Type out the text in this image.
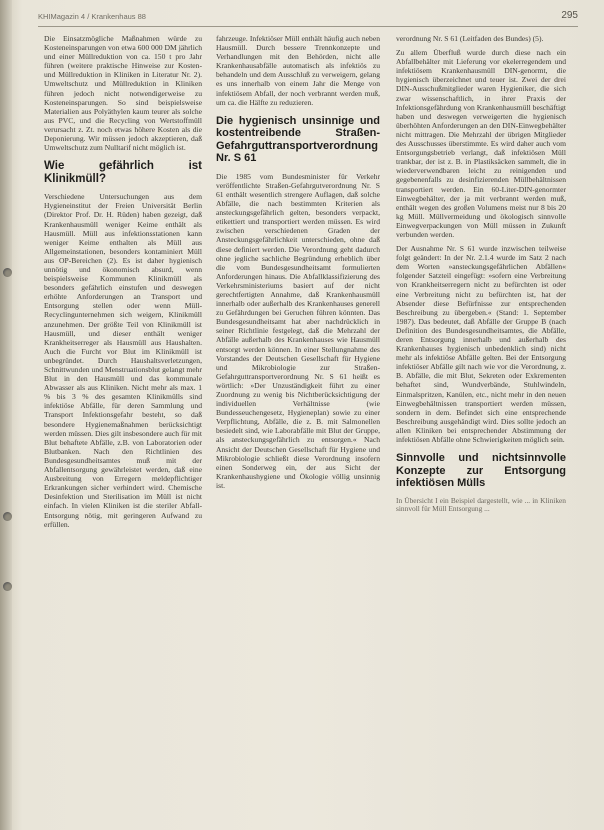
KHIMagazin 4 / Krankenhaus 88	295

Die Einsatzmögliche Maßnahmen würde zu Kosteneinsparungen von etwa 600 000 DM jährlich und einer Müllreduktion von ca. 150 t pro Jahr führen (weitere praktische Hinweise zur Kosten- und Müllreduktion in Kliniken in Literatur Nr. 2). Umweltschutz und Müllreduktion in Kliniken führen jedoch nicht notwendigerweise zu Kosteneinsparungen. So sind beispielsweise Materialien aus Polyäthylen kaum teurer als solche aus PVC, und die Recycling von Wertstoffmüll verursacht z. Zt. noch etwas höhere Kosten als die Deponierung. Wir müssen jedoch akzeptieren, daß Umweltschutz zum Nulltarif nicht möglich ist.

Wie gefährlich ist Klinikmüll?

Verschiedene Untersuchungen aus dem Hygieneinstitut der Freien Universität Berlin (Direktor Prof. Dr. H. Rüden) haben gezeigt, daß Krankenhausmüll weniger Keime enthält als Hausmüll. Müll aus infektionsstationen kann weniger Keime enthalten als Müll aus Allgemeinstationen, besonders kontaminiert Müll aus OP-Bereichen (2). Es ist daher hygienisch unnötig und ökonomisch absurd, wenn beispielsweise Kommunen Klinikmüll als besonders gefährlich einstufen und deswegen erhöhte Anforderungen an Transport und Entsorgung stellen oder wenn Müll-Recyclingunternehmen sich weigern, Klinikmüll anzunehmen. Der größte Teil von Klinikmüll ist Hausmüll, und dieser enthält weniger Krankheitserreger als Hausmüll aus Haushalten. Auch die Furcht vor Blut im Klinikmüll ist unbegründet. Durch Haushaltsverletzungen, Schnittwunden und Menstruationsblut gelangt mehr Blut in den Hausmüll und das kommunale Abwasser als aus Kliniken. Nicht mehr als max. 1 % bis 3 % des gesamten Klinikmülls sind infektiöse Abfälle, für deren Sammlung und Transport Infektionsgefahr besteht, so daß besondere Hygienemaßnahmen berücksichtigt werden müssen. Dies gilt insbesondere auch für mit Blut behaftete Abfälle, z.B. von Laboratorien oder Blutbanken. Nach den Richtlinien des Bundesgesundheitsamtes muß mit der Abfallentsorgung gewährleistet werden, daß eine Ausbreitung von Erregern meldepflichtiger Erkrankungen sicher verhindert wird. Chemische Desinfektion und Sterilisation im Müll ist nicht einfach. In vielen Kliniken ist die steriler Abfall-Entsorgung nötig, mit geringeren Aufwand zu erfüllen.

fahrzeuge. Infektiöser Müll enthält häufig auch neben Hausmüll. Durch bessere Trennkonzepte und Verhandlungen mit den Behörden, nicht alle Krankenhausabfälle automatisch als infektiös zu behandeln und dem Ausschluß zu verweigern, gelang es uns innerhalb von einem Jahr die Menge von infektiösem Abfall, der noch verbrannt werden muß, um ca. die Hälfte zu reduzieren.

Die hygienisch unsinnige und kostentreibende Straßen-Gefahrguttransportverordnung Nr. S 61

Die 1985 vom Bundesminister für Verkehr veröffentlichte Straßen-Gefahrgutverordnung Nr. S 61 enthält wesentlich strengere Auflagen, daß solche Abfälle, die nach bestimmten Kriterien als ansteckungsgefährlich gelten, besonders verpackt, etikettiert und transportiert werden müssen. Es wird zwischen verschiedenen Graden der Ansteckungsgefährlichkeit unterschieden, ohne daß diese definiert werden. Die Verordnung geht dadurch ohne jegliche sachliche Begründung erheblich über die vom Bundesgesundheitsamt formulierten Anforderungen hinaus. Die Abfallklassifizierung des Verkehrsministeriums basiert auf der nicht gerechtfertigten Annahme, daß Krankenhausmüll innerhalb oder außerhalb des Krankenhauses generell zu Gefährdungen bei Geruchen führen könnten. Das Bundesgesundheitsamt hat aber nachdrücklich in seiner Richtlinie festgelegt, daß die Mehrzahl der Abfälle außerhalb des Krankenhauses wie Hausmüll entsorgt werden können. In einer Stellungnahme des Vorstandes der Deutschen Gesellschaft für Hygiene und Mikrobiologie zur Straßen-Gefahrguttransportverordnung Nr. S 61 heißt es wörtlich: »Der Unzuständigkeit führt zu einer Zuordnung zu wenig bis Nichtberücksichtigung der individuellen Verhältnisse (wie Bundesseuchengesetz, Hygieneplan) sowie zu einer Verpflichtung, Abfälle, die z. B. mit Salmonellen besiedelt sind, wie Laborabfälle mit Blut der Gruppe, als ansteckungsgefährlich zu entsorgen.« Nach Ansicht der Deutschen Gesellschaft für Hygiene und Mikrobiologie schließt diese Verordnung insofern einen Sonderweg ein, der aus Sicht der Krankenhaushygiene und Ökologie völlig unsinnig ist.

verordnung Nr. S 61 (Leitfaden des Bundes) (5).

Zu allem Überfluß wurde durch diese nach ein Abfallbehälter mit Lieferung vor ekelerregendem und infektiösem Krankenhausmüll DIN-genormt, die hygienisch überzeichnet und teuer ist. Zwei der drei DIN-Ausschußmitglieder waren Hygieniker, die sich zwar wissenschaftlich, in ihrer Praxis der Infektionsgefährdung von Krankenhausmüll beschäftigt haben und deswegen verweigerten die hygienisch überhöhten Anforderungen an den DIN-Einwegbehälter nicht mittragen. Die Mehrzahl der übrigen Mitglieder des Ausschusses überstimmte. Es wird daher auch vom Entsorgungsbetrieb verlangt, daß infektiösen Müll trankbar, der ist z. B. in Plastiksäcken sammelt, die in wiederverwendbaren leicht zu reinigenden und gegebenenfalls zu desinfizierenden Müllbehältnissen transportiert werden. Ein 60-Liter-DIN-genormter Einwegbehälter, der ja mit verbrannt werden muß, enthält wegen des großen Volumens meist nur 8 bis 20 kg Müll. Müllvermeidung und ökologisch sinnvolle Einwegverpackungen von Müll müssen in Zukunft verbunden werden.

Der Ausnahme Nr. S 61 wurde inzwischen teilweise folgt geändert: In der Nr. 2.1.4 wurde im Satz 2 nach dem Worten »ansteckungsgefährlichen Abfällen« folgender Satzteil eingefügt: »sofern eine Verbreitung von Krankheitserregern nicht zu befürchten ist oder eine Verbreitung nicht zu befürchten ist, hat der Absender diese Befürfnisse zur entsprechenden Beschreibung zu übergeben.« (Stand: 1. September 1987). Das bedeutet, daß Abfälle der Gruppe B (nach Definition des Bundesgesundheitsamtes, die Abfälle, deren Entsorgung innerhalb und außerhalb des Krankenhauses hygienisch unbedenklich sind) nicht mehr als infektiöse Abfälle gelten. Bei der Entsorgung infektiöser Abfälle gilt nach wie vor die Verordnung, z. B. Abfälle, die mit Blut, Sekreten oder Exkrementen behaftet sind, Wundverbände, Stuhlwindeln, Einmalspritzen, Kanülen, etc., nicht mehr in den neuen Einwegbehältnissen transportiert werden müssen, sondern in dem. Befindet sich eine entsprechende Beschreibung ausgehändigt wird. Dies sollte jedoch an allen Kliniken bei entsprechender Abstimmung der infektiösen Abfälle ohne Schwierigkeiten möglich sein.

Sinnvolle und nichtsinnvolle Konzepte zur Entsorgung infektiösen Mülls

In Übersicht I ein Beispiel dargestellt, wie ... in Kliniken sinnvoll für Müll Entsorgung ...
